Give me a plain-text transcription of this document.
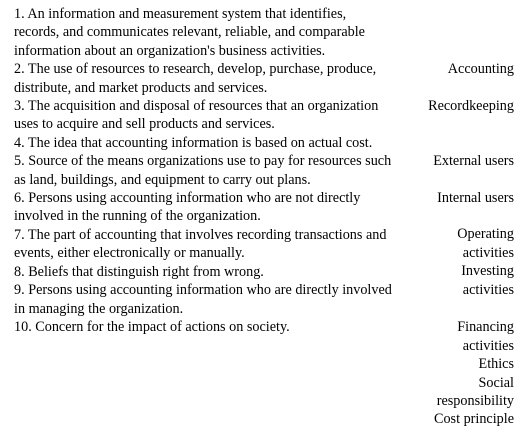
1. An information and measurement system that identifies, records, and communicates relevant, reliable, and comparable information about an organization's business activities.

2. The use of resources to research, develop, purchase, produce, distribute, and market products and services.

3. The acquisition and disposal of resources that an organization uses to acquire and sell products and services.

4. The idea that accounting information is based on actual cost.

5. Source of the means organizations use to pay for resources such as land, buildings, and equipment to carry out plans.

6. Persons using accounting information who are not directly involved in the running of the organization.

7. The part of accounting that involves recording transactions and events, either electronically or manually.

8. Beliefs that distinguish right from wrong.

9. Persons using accounting information who are directly involved in managing the organization.

10. Concern for the impact of actions on society.

Accounting
Recordkeeping
External users
Internal users
Operating
activities
Investing
activities
Financing
activities
Ethics
Social
responsibility
Cost principle
